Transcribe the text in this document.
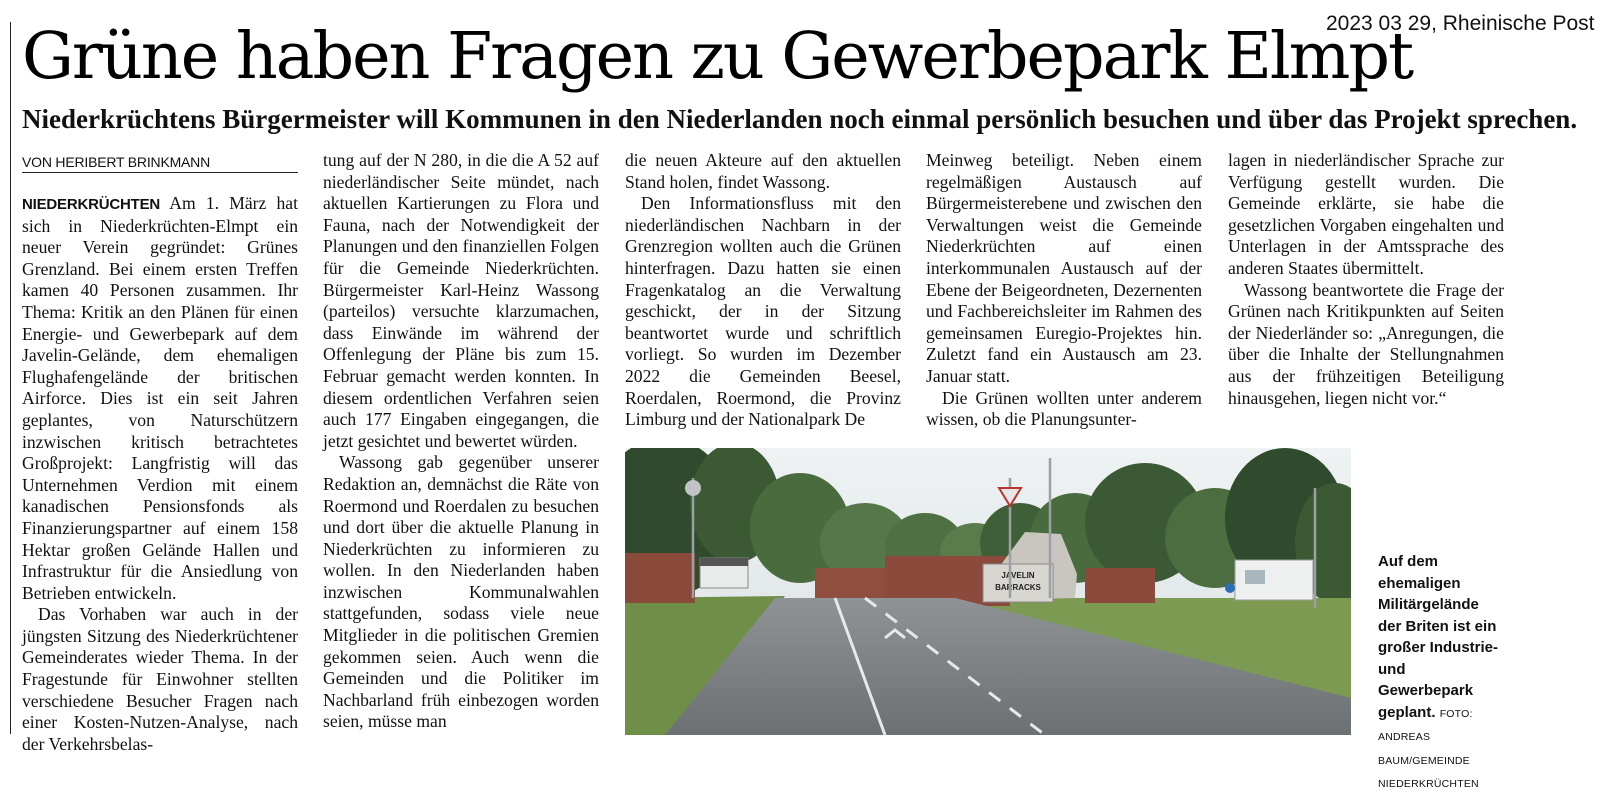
2023 03 29, Rheinische Post
Grüne haben Fragen zu Gewerbepark Elmpt
Niederkrüchtens Bürgermeister will Kommunen in den Niederlanden noch einmal persönlich besuchen und über das Projekt sprechen.
VON HERIBERT BRINKMANN

NIEDERKRÜCHTEN Am 1. März hat sich in Niederkrüchten-Elmpt ein neuer Verein gegründet: Grünes Grenzland. Bei einem ersten Treffen kamen 40 Personen zusammen. Ihr Thema: Kritik an den Plänen für einen Energie- und Gewerbepark auf dem Javelin-Gelände, dem ehemaligen Flughafengelände der britischen Airforce. Dies ist ein seit Jahren geplantes, von Naturschützern inzwischen kritisch betrachtetes Großprojekt: Langfristig will das Unternehmen Verdion mit einem kanadischen Pensionsfonds als Finanzierungspartner auf einem 158 Hektar großen Gelände Hallen und Infrastruktur für die Ansiedlung von Betrieben entwickeln.

Das Vorhaben war auch in der jüngsten Sitzung des Niederkrüchtener Gemeinderates wieder Thema. In der Fragestunde für Einwohner stellten verschiedene Besucher Fragen nach einer Kosten-Nutzen-Analyse, nach der Verkehrsbelas-

tung auf der N 280, in die die A 52 auf niederländischer Seite mündet, nach aktuellen Kartierungen zu Flora und Fauna, nach der Notwendigkeit der Planungen und den finanziellen Folgen für die Gemeinde Niederkrüchten. Bürgermeister Karl-Heinz Wassong (parteilos) versuchte klarzumachen, dass Einwände im während der Offenlegung der Pläne bis zum 15. Februar gemacht werden konnten. In diesem ordentlichen Verfahren seien auch 177 Eingaben eingegangen, die jetzt gesichtet und bewertet würden.

Wassong gab gegenüber unserer Redaktion an, demnächst die Räte von Roermond und Roerdalen zu besuchen und dort über die aktuelle Planung in Niederkrüchten zu informieren zu wollen. In den Niederlanden haben inzwischen Kommunalwahlen stattgefunden, sodass viele neue Mitglieder in die politischen Gremien gekommen seien. Auch wenn die Gemeinden und die Politiker im Nachbarland früh einbezogen worden seien, müsse man

die neuen Akteure auf den aktuellen Stand holen, findet Wassong.

Den Informationsfluss mit den niederländischen Nachbarn in der Grenzregion wollten auch die Grünen hinterfragen. Dazu hatten sie einen Fragenkatalog an die Verwaltung geschickt, der in der Sitzung beantwortet wurde und schriftlich vorliegt. So wurden im Dezember 2022 die Gemeinden Beesel, Roerdalen, Roermond, die Provinz Limburg und der Nationalpark De

Meinweg beteiligt. Neben einem regelmäßigen Austausch auf Bürgermeisterebene und zwischen den Verwaltungen weist die Gemeinde Niederkrüchten auf einen interkommunalen Austausch auf der Ebene der Beigeordneten, Dezernenten und Fachbereichsleiter im Rahmen des gemeinsamen Euregio-Projektes hin. Zuletzt fand ein Austausch am 23. Januar statt.

Die Grünen wollten unter anderem wissen, ob die Planungsunter-

lagen in niederländischer Sprache zur Verfügung gestellt wurden. Die Gemeinde erklärte, sie habe die gesetzlichen Vorgaben eingehalten und Unterlagen in der Amtssprache des anderen Staates übermittelt.

Wassong beantwortete die Frage der Grünen nach Kritikpunkten auf Seiten der Niederländer so: „Anregungen, die über die Inhalte der Stellungnahmen aus der frühzeitigen Beteiligung hinausgehen, liegen nicht vor.“

JAVELIN
BARRACKS
Auf dem ehemaligen Militärgelände der Briten ist ein großer Industrie- und Gewerbepark geplant. FOTO: ANDREAS BAUM/GEMEINDE NIEDERKRÜCHTEN
